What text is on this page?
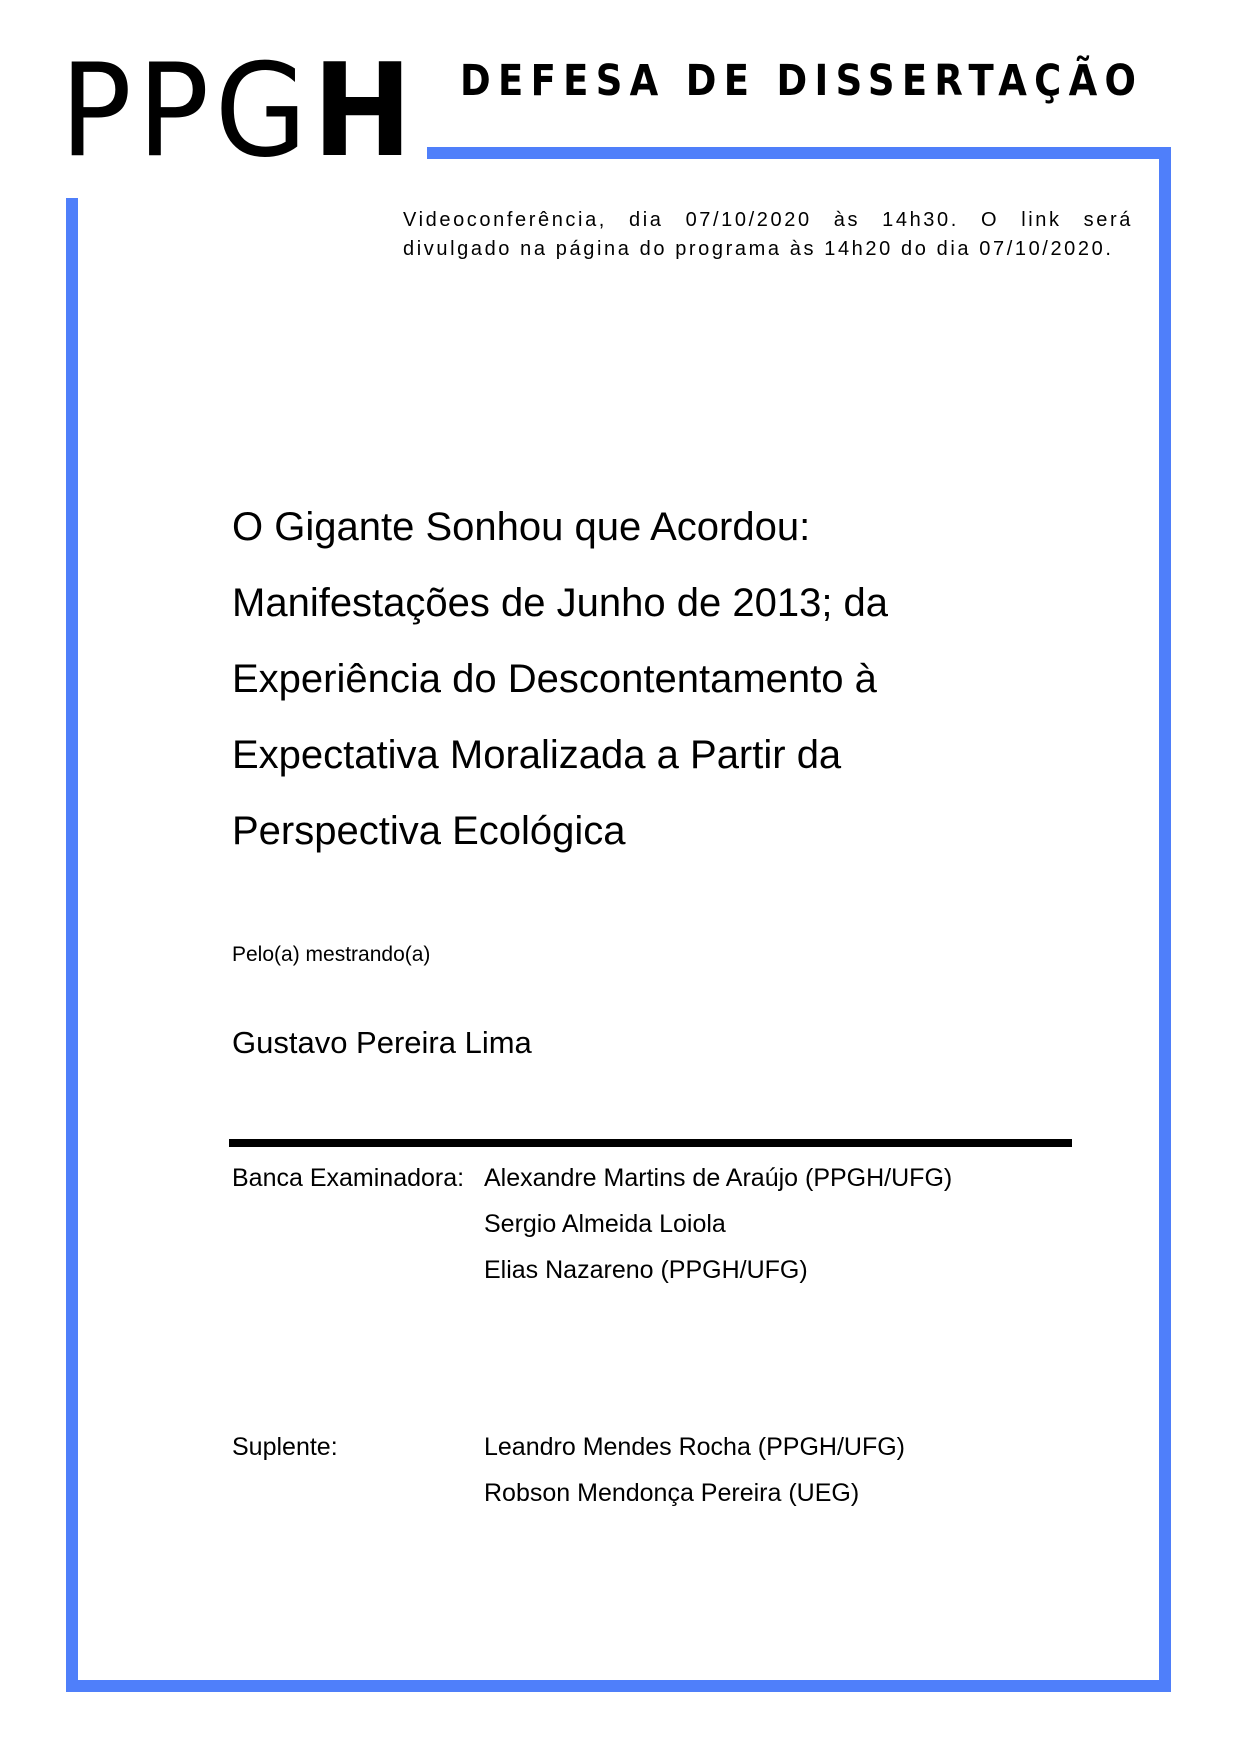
PPGH DEFESA DE DISSERTAÇÃO
Videoconferência, dia 07/10/2020 às 14h30. O link será divulgado na página do programa às 14h20 do dia 07/10/2020.
O Gigante Sonhou que Acordou:
Manifestações de Junho de 2013; da
Experiência do Descontentamento à
Expectativa Moralizada a Partir da
Perspectiva Ecológica
Pelo(a) mestrando(a)
Gustavo Pereira Lima
Banca Examinadora: Alexandre Martins de Araújo (PPGH/UFG)
Sergio Almeida Loiola
Elias Nazareno (PPGH/UFG)
Suplente:	Leandro Mendes Rocha (PPGH/UFG)
Robson Mendonça Pereira (UEG)
